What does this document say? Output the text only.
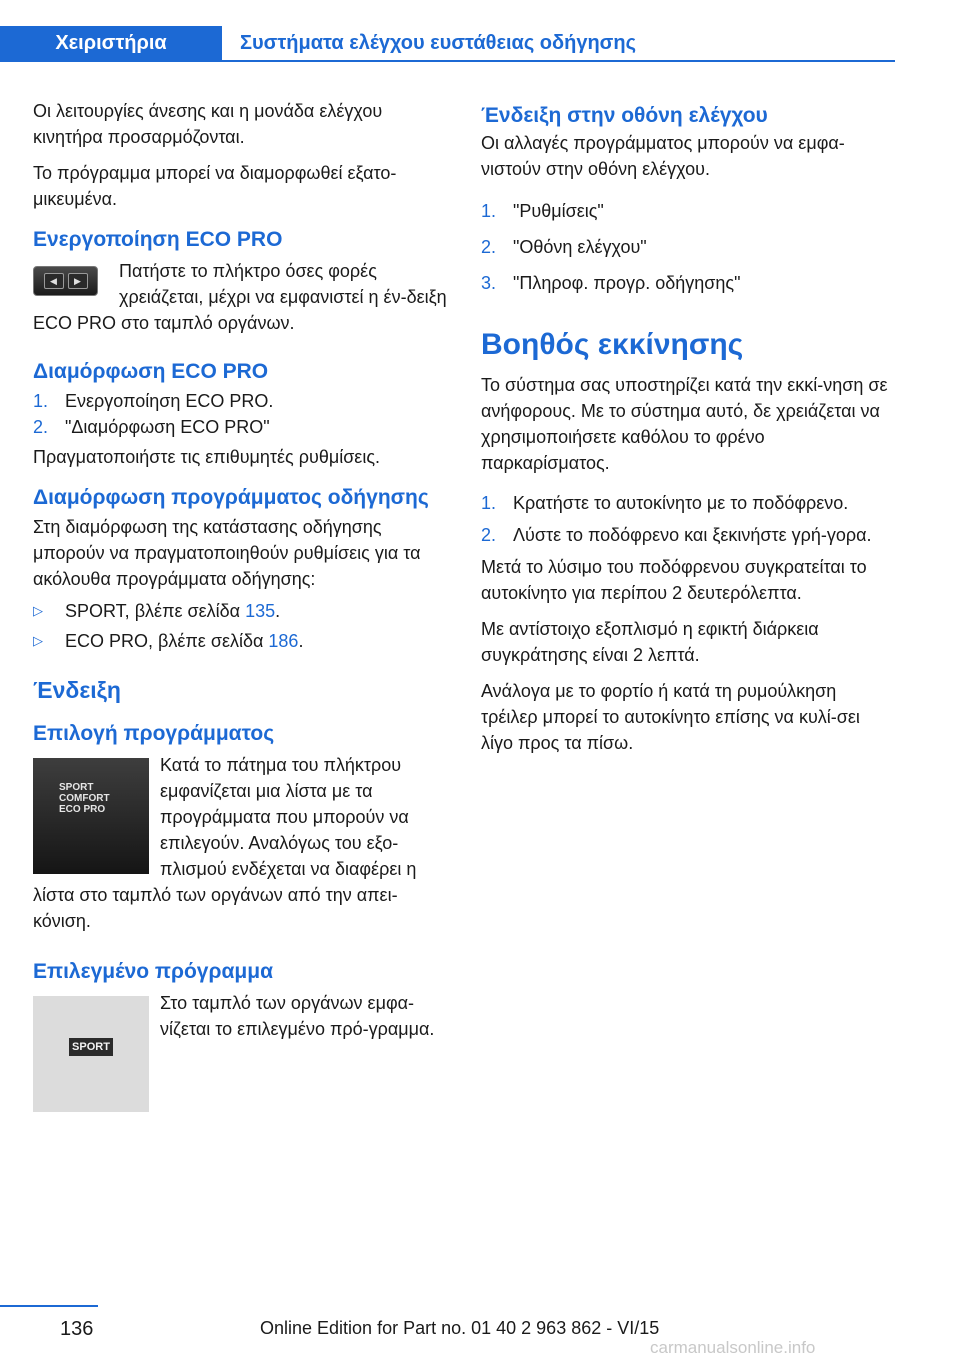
Χειριστήρια	Συστήματα ελέγχου ευστάθειας οδήγησης

Οι λειτουργίες άνεσης και η μονάδα ελέγχου κινητήρα προσαρμόζονται.

Το πρόγραμμα μπορεί να διαμορφωθεί εξατο-μικευμένα.

Ενεργοποίηση ECO PRO
◀	▶	Πατήστε το πλήκτρο όσες φορές χρειάζεται, μέχρι να εμφανιστεί η έν-δειξη ECO PRO στο ταμπλό οργάνων.

Διαμόρφωση ECO PRO
1. Ενεργοποίηση ECO PRO.
2. "Διαμόρφωση ECO PRO"

Πραγματοποιήστε τις επιθυμητές ρυθμίσεις.

Διαμόρφωση προγράμματος οδήγησης

Στη διαμόρφωση της κατάστασης οδήγησης μπορούν να πραγματοποιηθούν ρυθμίσεις για τα ακόλουθα προγράμματα οδήγησης:

▷ SPORT, βλέπε σελίδα 135.
▷ ECO PRO, βλέπε σελίδα 186.
Ένδειξη
Επιλογή προγράμματος
SPORT
COMFORT
ECO PRO

Κατά το πάτημα του πλήκτρου εμφανίζεται μια λίστα με τα προγράμματα που μπορούν να επιλεγούν. Αναλόγως του εξο-πλισμού ενδέχεται να διαφέρει η λίστα στο ταμπλό των οργάνων από την απει-κόνιση.

Επιλεγμένο πρόγραμμα
SPORT

Στο ταμπλό των οργάνων εμφα-νίζεται το επιλεγμένο πρό-γραμμα.

Ένδειξη στην οθόνη ελέγχου

Οι αλλαγές προγράμματος μπορούν να εμφα-νιστούν στην οθόνη ελέγχου.

1. "Ρυθμίσεις"
2. "Οθόνη ελέγχου"
3. "Πληροφ. προγρ. οδήγησης"
Βοηθός εκκίνησης

Το σύστημα σας υποστηρίζει κατά την εκκί-νηση σε ανήφορους. Με το σύστημα αυτό, δε χρειάζεται να χρησιμοποιήσετε καθόλου το φρένο παρκαρίσματος.

1. Κρατήστε το αυτοκίνητο με το ποδόφρενο.
2. Λύστε το ποδόφρενο και ξεκινήστε γρή-γορα.

Μετά το λύσιμο του ποδόφρενου συγκρατείται το αυτοκίνητο για περίπου 2 δευτερόλεπτα.

Με αντίστοιχο εξοπλισμό η εφικτή διάρκεια συγκράτησης είναι 2 λεπτά.

Ανάλογα με το φορτίο ή κατά τη ρυμούλκηση τρέιλερ μπορεί το αυτοκίνητο επίσης να κυλί-σει λίγο προς τα πίσω.

136	Online Edition for Part no. 01 40 2 963 862 - VI/15
carmanualsonline.info
